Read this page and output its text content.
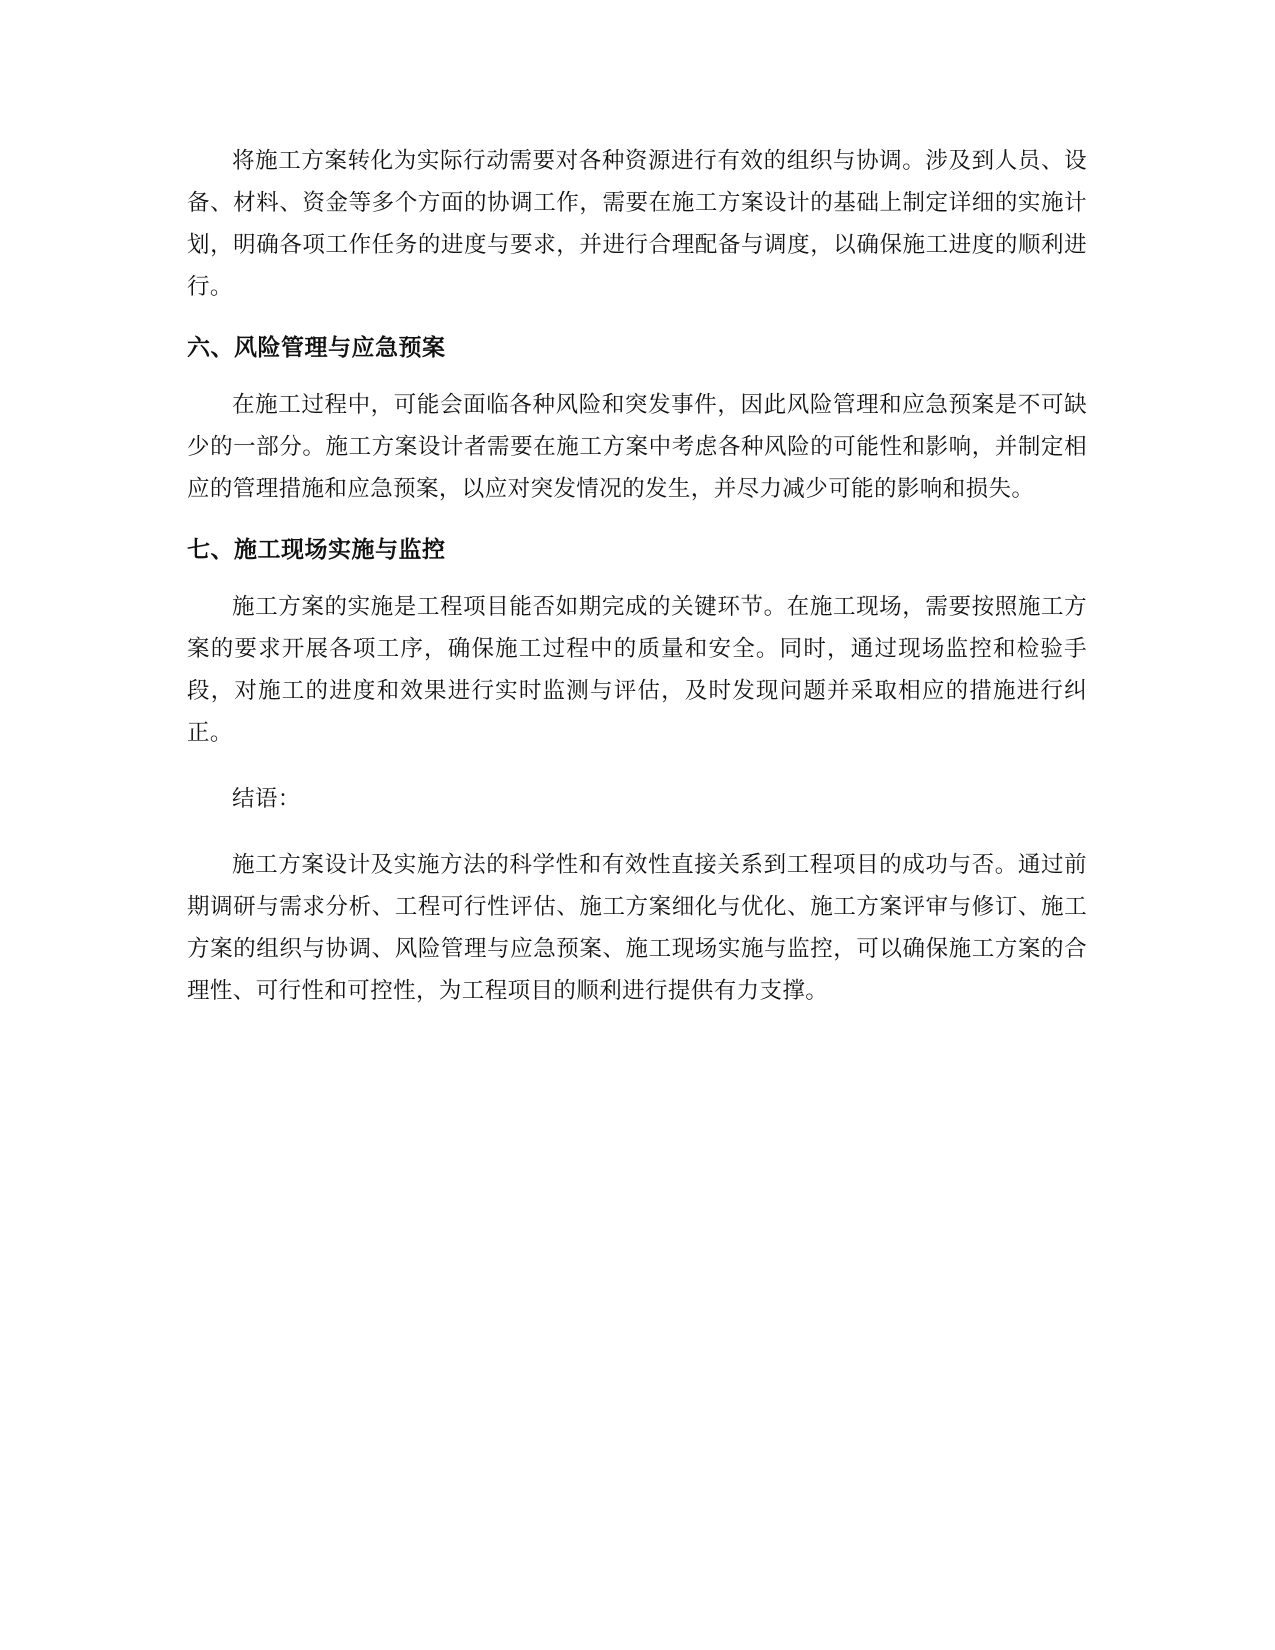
将施工方案转化为实际行动需要对各种资源进行有效的组织与协调。涉及到人员、设备、材料、资金等多个方面的协调工作，需要在施工方案设计的基础上制定详细的实施计划，明确各项工作任务的进度与要求，并进行合理配备与调度，以确保施工进度的顺利进行。

六、风险管理与应急预案

在施工过程中，可能会面临各种风险和突发事件，因此风险管理和应急预案是不可缺少的一部分。施工方案设计者需要在施工方案中考虑各种风险的可能性和影响，并制定相应的管理措施和应急预案，以应对突发情况的发生，并尽力减少可能的影响和损失。

七、施工现场实施与监控

施工方案的实施是工程项目能否如期完成的关键环节。在施工现场，需要按照施工方案的要求开展各项工序，确保施工过程中的质量和安全。同时，通过现场监控和检验手段，对施工的进度和效果进行实时监测与评估，及时发现问题并采取相应的措施进行纠正。

结语：

施工方案设计及实施方法的科学性和有效性直接关系到工程项目的成功与否。通过前期调研与需求分析、工程可行性评估、施工方案细化与优化、施工方案评审与修订、施工方案的组织与协调、风险管理与应急预案、施工现场实施与监控，可以确保施工方案的合理性、可行性和可控性，为工程项目的顺利进行提供有力支撑。
